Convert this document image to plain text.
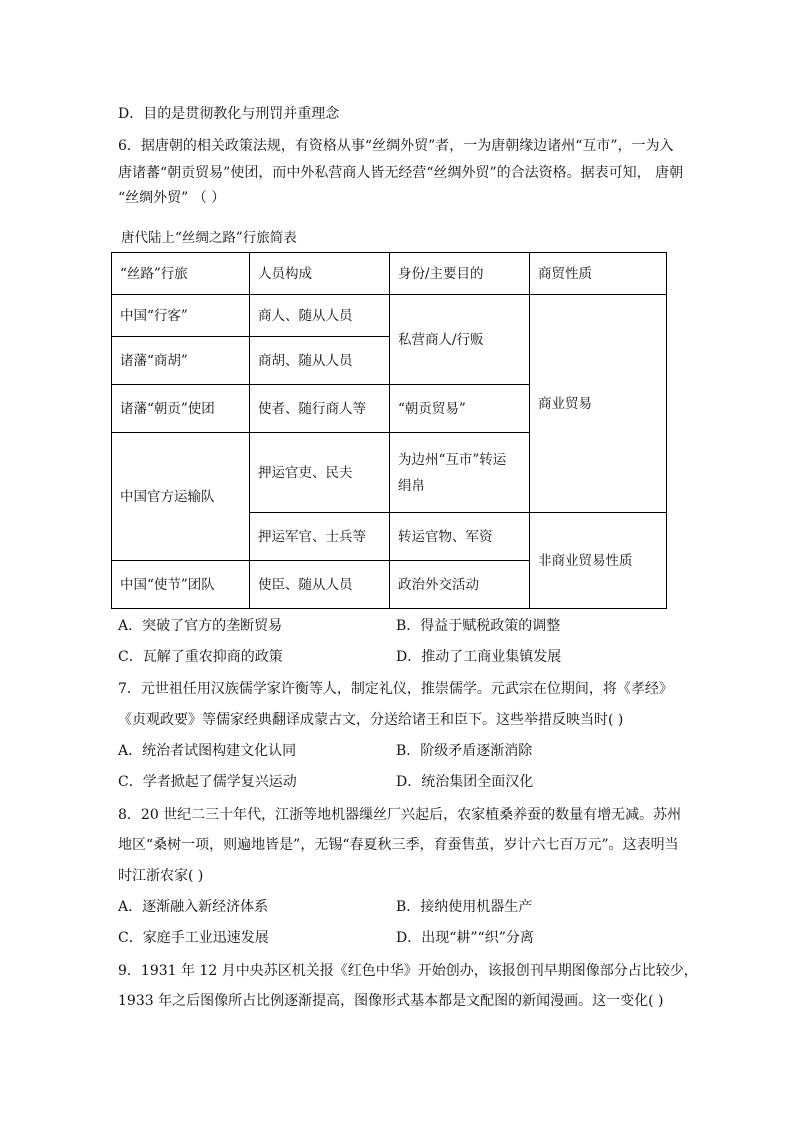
D．目的是贯彻教化与刑罚并重理念
6．据唐朝的相关政策法规，有资格从事“丝绸外贸”者，一为唐朝缘边诸州“互市”，一为入
唐诸蕃“朝贡贸易”使团，而中外私营商人皆无经营“丝绸外贸”的合法资格。据表可知， 唐朝
“丝绸外贸” （ ）
唐代陆上“丝绸之路”行旅简表
“丝路”行旅	人员构成	身份/主要目的	商贸性质
中国“行客”	商人、随从人员	私营商人/行贩	商业贸易
诸藩“商胡”	商胡、随从人员		
诸藩“朝贡”使团	使者、随行商人等	“朝贡贸易”	
中国官方运输队	押运官吏、民夫	为边州“互市”转运
绢帛	

	押运军官、士兵等	转运官物、军资	非商业贸易性质
中国“使节”团队	使臣、随从人员	政治外交活动	
A．突破了官方的垄断贸易	B．得益于赋税政策的调整
C．瓦解了重农抑商的政策	D．推动了工商业集镇发展
7．元世祖任用汉族儒学家许衡等人，制定礼仪，推崇儒学。元武宗在位期间，将《孝经》
《贞观政要》等儒家经典翻译成蒙古文，分送给诸王和臣下。这些举措反映当时( )
A．统治者试图构建文化认同	B．阶级矛盾逐渐消除
C．学者掀起了儒学复兴运动	D．统治集团全面汉化
8．20 世纪二三十年代，江浙等地机器缫丝厂兴起后，农家植桑养蚕的数量有增无减。苏州
地区“桑树一项，则遍地皆是”，无锡“春夏秋三季，育蚕售茧，岁计六七百万元”。这表明当
时江浙农家( )
A．逐渐融入新经济体系	B．接纳使用机器生产
C．家庭手工业迅速发展	D．出现“耕”“织”分离
9．1931 年 12 月中央苏区机关报《红色中华》开始创办，该报创刊早期图像部分占比较少，
1933 年之后图像所占比例逐渐提高，图像形式基本都是文配图的新闻漫画。这一变化( )
